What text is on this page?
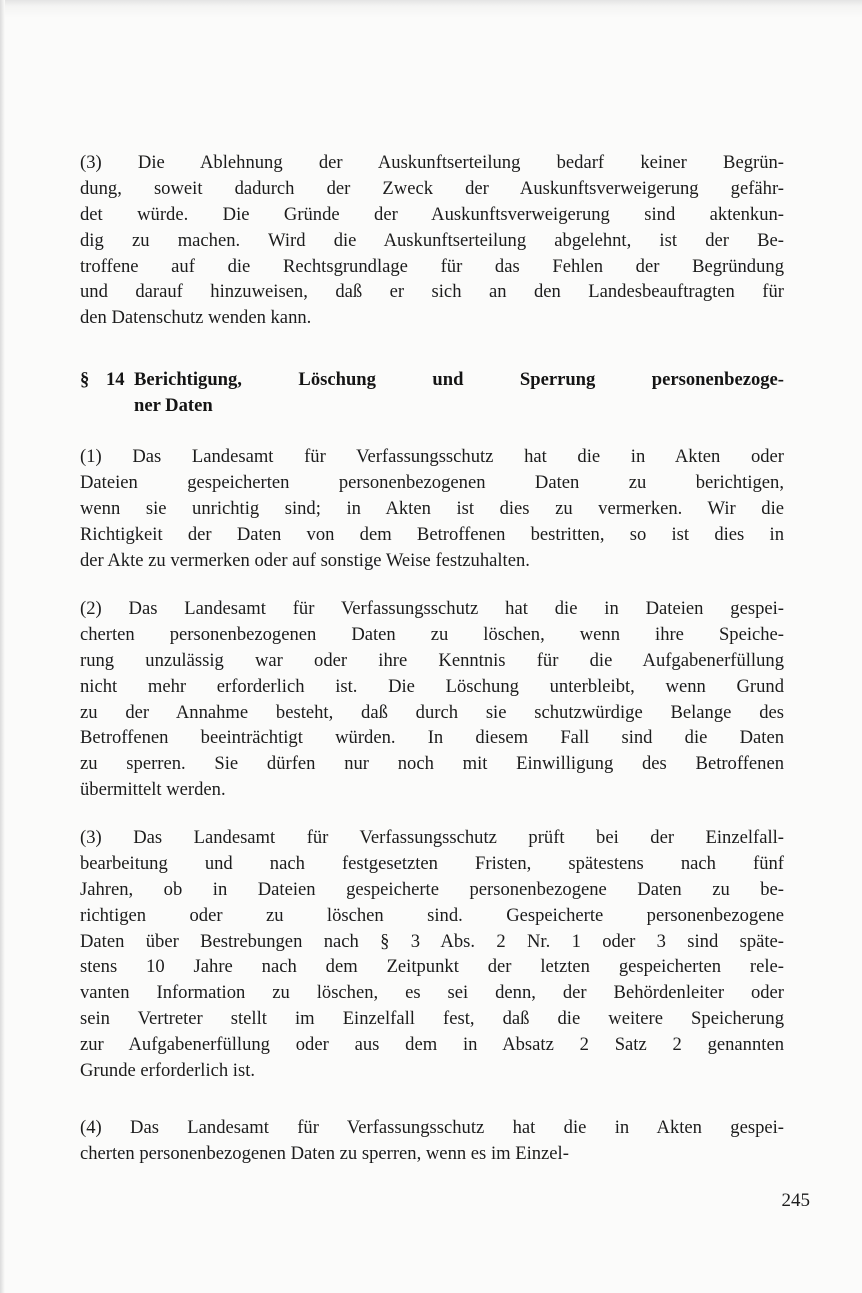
(3) Die Ablehnung der Auskunftserteilung bedarf keiner Begrün-
dung, soweit dadurch der Zweck der Auskunftsverweigerung gefähr-
det würde. Die Gründe der Auskunftsverweigerung sind aktenkun-
dig zu machen. Wird die Auskunftserteilung abgelehnt, ist der Be-
troffene auf die Rechtsgrundlage für das Fehlen der Begründung
und darauf hinzuweisen, daß er sich an den Landesbeauftragten für
den Datenschutz wenden kann.
§ 14 Berichtigung, Löschung und Sperrung personenbezoge-
ner Daten
(1) Das Landesamt für Verfassungsschutz hat die in Akten oder
Dateien gespeicherten personenbezogenen Daten zu berichtigen,
wenn sie unrichtig sind; in Akten ist dies zu vermerken. Wir die
Richtigkeit der Daten von dem Betroffenen bestritten, so ist dies in
der Akte zu vermerken oder auf sonstige Weise festzuhalten.
(2) Das Landesamt für Verfassungsschutz hat die in Dateien gespei-
cherten personenbezogenen Daten zu löschen, wenn ihre Speiche-
rung unzulässig war oder ihre Kenntnis für die Aufgabenerfüllung
nicht mehr erforderlich ist. Die Löschung unterbleibt, wenn Grund
zu der Annahme besteht, daß durch sie schutzwürdige Belange des
Betroffenen beeinträchtigt würden. In diesem Fall sind die Daten
zu sperren. Sie dürfen nur noch mit Einwilligung des Betroffenen
übermittelt werden.
(3) Das Landesamt für Verfassungsschutz prüft bei der Einzelfall-
bearbeitung und nach festgesetzten Fristen, spätestens nach fünf
Jahren, ob in Dateien gespeicherte personenbezogene Daten zu be-
richtigen oder zu löschen sind. Gespeicherte personenbezogene
Daten über Bestrebungen nach § 3 Abs. 2 Nr. 1 oder 3 sind späte-
stens 10 Jahre nach dem Zeitpunkt der letzten gespeicherten rele-
vanten Information zu löschen, es sei denn, der Behördenleiter oder
sein Vertreter stellt im Einzelfall fest, daß die weitere Speicherung
zur Aufgabenerfüllung oder aus dem in Absatz 2 Satz 2 genannten
Grunde erforderlich ist.
(4) Das Landesamt für Verfassungsschutz hat die in Akten gespei-
cherten personenbezogenen Daten zu sperren, wenn es im Einzel-
245
